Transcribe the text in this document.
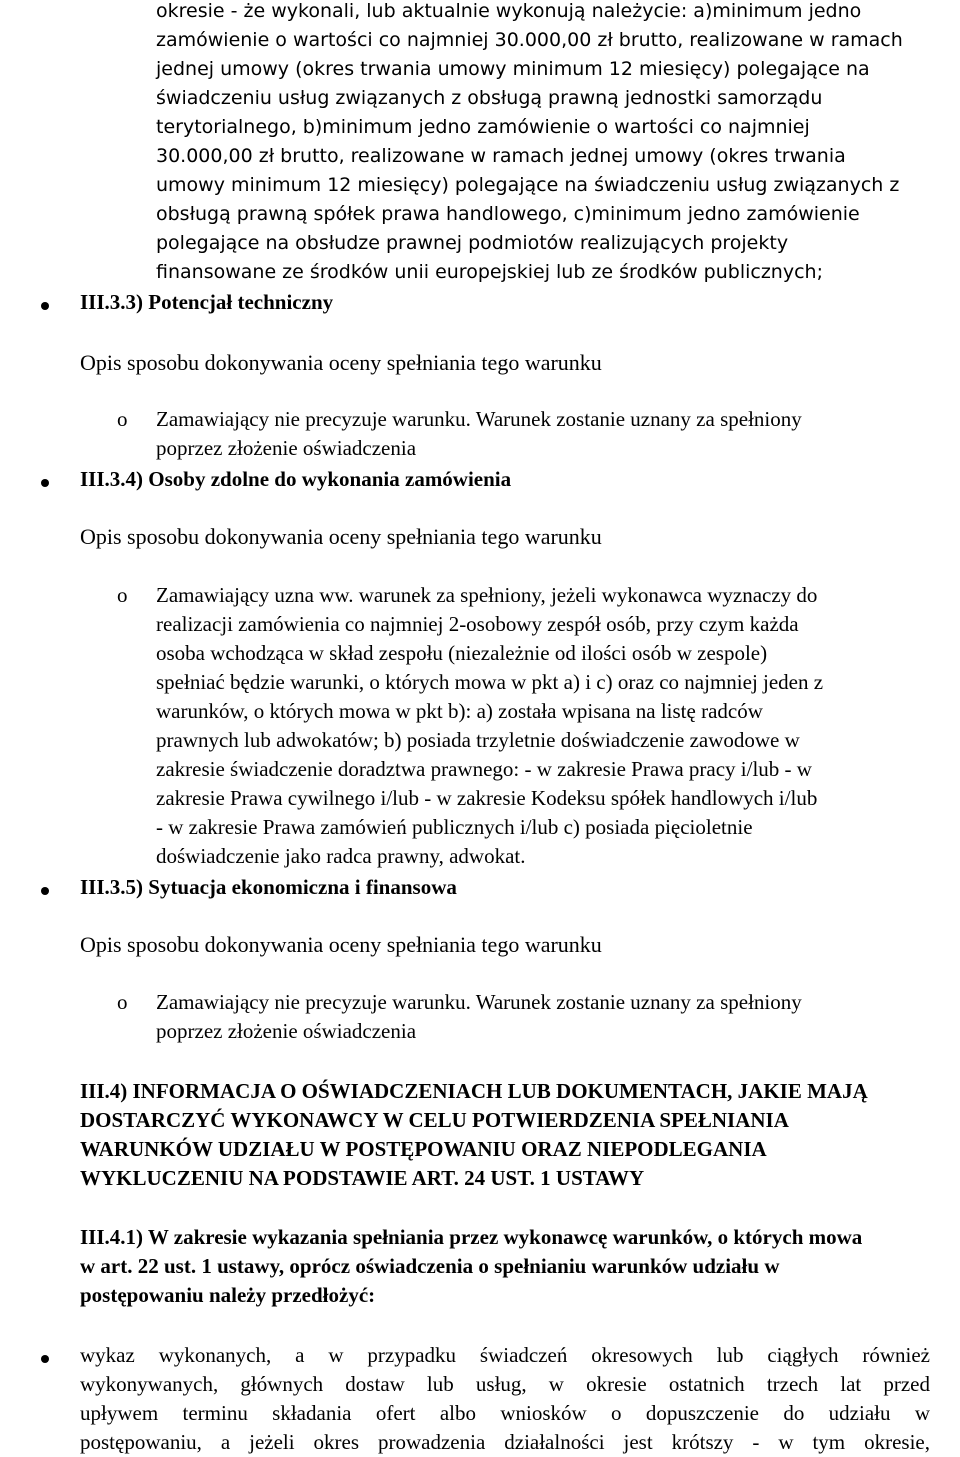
okresie - że wykonali, lub aktualnie wykonują należycie: a)minimum jedno
zamówienie o wartości co najmniej 30.000,00 zł brutto, realizowane w ramach
jednej umowy (okres trwania umowy minimum 12 miesięcy) polegające na
świadczeniu usług związanych z obsługą prawną jednostki samorządu
terytorialnego, b)minimum jedno zamówienie o wartości co najmniej
30.000,00 zł brutto, realizowane w ramach jednej umowy (okres trwania
umowy minimum 12 miesięcy) polegające na świadczeniu usług związanych z
obsługą prawną spółek prawa handlowego, c)minimum jedno zamówienie
polegające na obsłudze prawnej podmiotów realizujących projekty
finansowane ze środków unii europejskiej lub ze środków publicznych;
III.3.3) Potencjał techniczny
Opis sposobu dokonywania oceny spełniania tego warunku
o Zamawiający nie precyzuje warunku. Warunek zostanie uznany za spełniony
poprzez złożenie oświadczenia
III.3.4) Osoby zdolne do wykonania zamówienia
Opis sposobu dokonywania oceny spełniania tego warunku
o Zamawiający uzna ww. warunek za spełniony, jeżeli wykonawca wyznaczy do
realizacji zamówienia co najmniej 2-osobowy zespół osób, przy czym każda
osoba wchodząca w skład zespołu (niezależnie od ilości osób w zespole)
spełniać będzie warunki, o których mowa w pkt a) i c) oraz co najmniej jeden z
warunków, o których mowa w pkt b): a) została wpisana na listę radców
prawnych lub adwokatów; b) posiada trzyletnie doświadczenie zawodowe w
zakresie świadczenie doradztwa prawnego: - w zakresie Prawa pracy i/lub - w
zakresie Prawa cywilnego i/lub - w zakresie Kodeksu spółek handlowych i/lub
- w zakresie Prawa zamówień publicznych i/lub c) posiada pięcioletnie
doświadczenie jako radca prawny, adwokat.
III.3.5) Sytuacja ekonomiczna i finansowa
Opis sposobu dokonywania oceny spełniania tego warunku
o Zamawiający nie precyzuje warunku. Warunek zostanie uznany za spełniony
poprzez złożenie oświadczenia
III.4) INFORMACJA O OŚWIADCZENIACH LUB DOKUMENTACH, JAKIE MAJĄ
DOSTARCZYĆ WYKONAWCY W CELU POTWIERDZENIA SPEŁNIANIA
WARUNKÓW UDZIAŁU W POSTĘPOWANIU ORAZ NIEPODLEGANIA
WYKLUCZENIU NA PODSTAWIE ART. 24 UST. 1 USTAWY
III.4.1) W zakresie wykazania spełniania przez wykonawcę warunków, o których mowa
w art. 22 ust. 1 ustawy, oprócz oświadczenia o spełnianiu warunków udziału w
postępowaniu należy przedłożyć:
wykaz wykonanych, a w przypadku świadczeń okresowych lub ciągłych również
wykonywanych, głównych dostaw lub usług, w okresie ostatnich trzech lat przed
upływem terminu składania ofert albo wniosków o dopuszczenie do udziału w
postępowaniu, a jeżeli okres prowadzenia działalności jest krótszy - w tym okresie,
